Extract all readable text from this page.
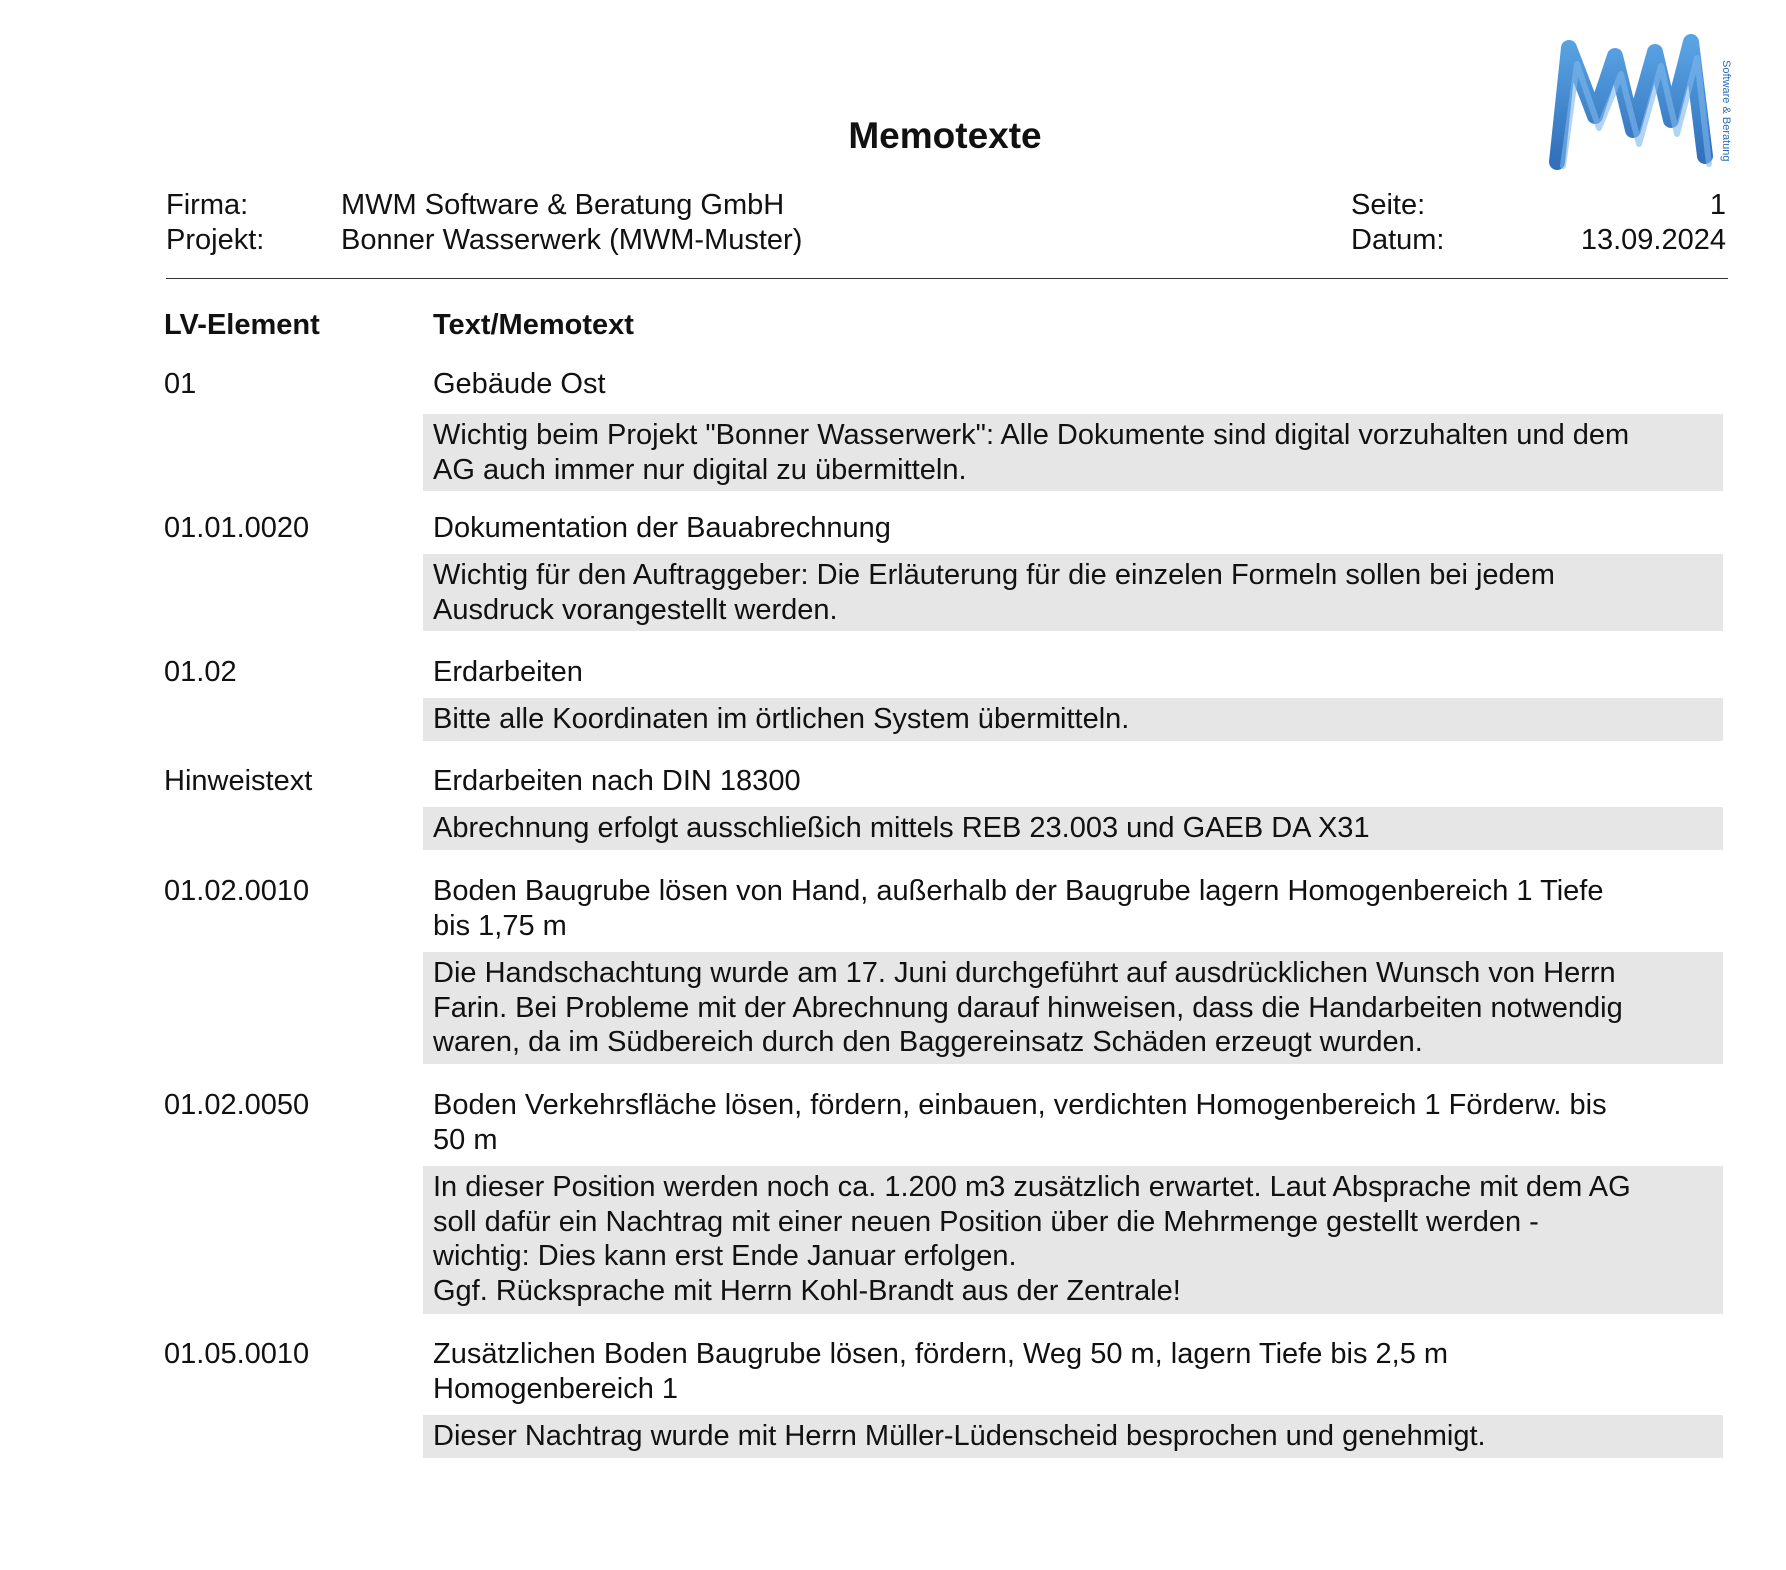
Software & Beratung
Memotexte
Firma:	MWM Software & Beratung GmbH
Projekt:	Bonner Wasserwerk (MWM-Muster)
Seite:	1
Datum:	13.09.2024
LV-Element	Text/Memotext
01	Gebäude Ost
Wichtig beim Projekt "Bonner Wasserwerk": Alle Dokumente sind digital vorzuhalten und dem
AG auch immer nur digital zu übermitteln.
01.01.0020	Dokumentation der Bauabrechnung
Wichtig für den Auftraggeber: Die Erläuterung für die einzelen Formeln sollen bei jedem
Ausdruck vorangestellt werden.
01.02	Erdarbeiten
Bitte alle Koordinaten im örtlichen System übermitteln.
Hinweistext	Erdarbeiten nach DIN 18300
Abrechnung erfolgt ausschließich mittels REB 23.003 und GAEB DA X31
01.02.0010	Boden Baugrube lösen von Hand, außerhalb der Baugrube lagern Homogenbereich 1 Tiefe
bis 1,75 m
Die Handschachtung wurde am 17. Juni durchgeführt auf ausdrücklichen Wunsch von Herrn
Farin. Bei Probleme mit der Abrechnung darauf hinweisen, dass die Handarbeiten notwendig
waren, da im Südbereich durch den Baggereinsatz Schäden erzeugt wurden.
01.02.0050	Boden Verkehrsfläche lösen, fördern, einbauen, verdichten Homogenbereich 1 Förderw. bis
50 m
In dieser Position werden noch ca. 1.200 m3 zusätzlich erwartet. Laut Absprache mit dem AG
soll dafür ein Nachtrag mit einer neuen Position über die Mehrmenge gestellt werden -
wichtig: Dies kann erst Ende Januar erfolgen.
Ggf. Rücksprache mit Herrn Kohl-Brandt aus der Zentrale!
01.05.0010	Zusätzlichen Boden Baugrube lösen, fördern, Weg 50 m, lagern Tiefe bis 2,5 m
Homogenbereich 1
Dieser Nachtrag wurde mit Herrn Müller-Lüdenscheid besprochen und genehmigt.
